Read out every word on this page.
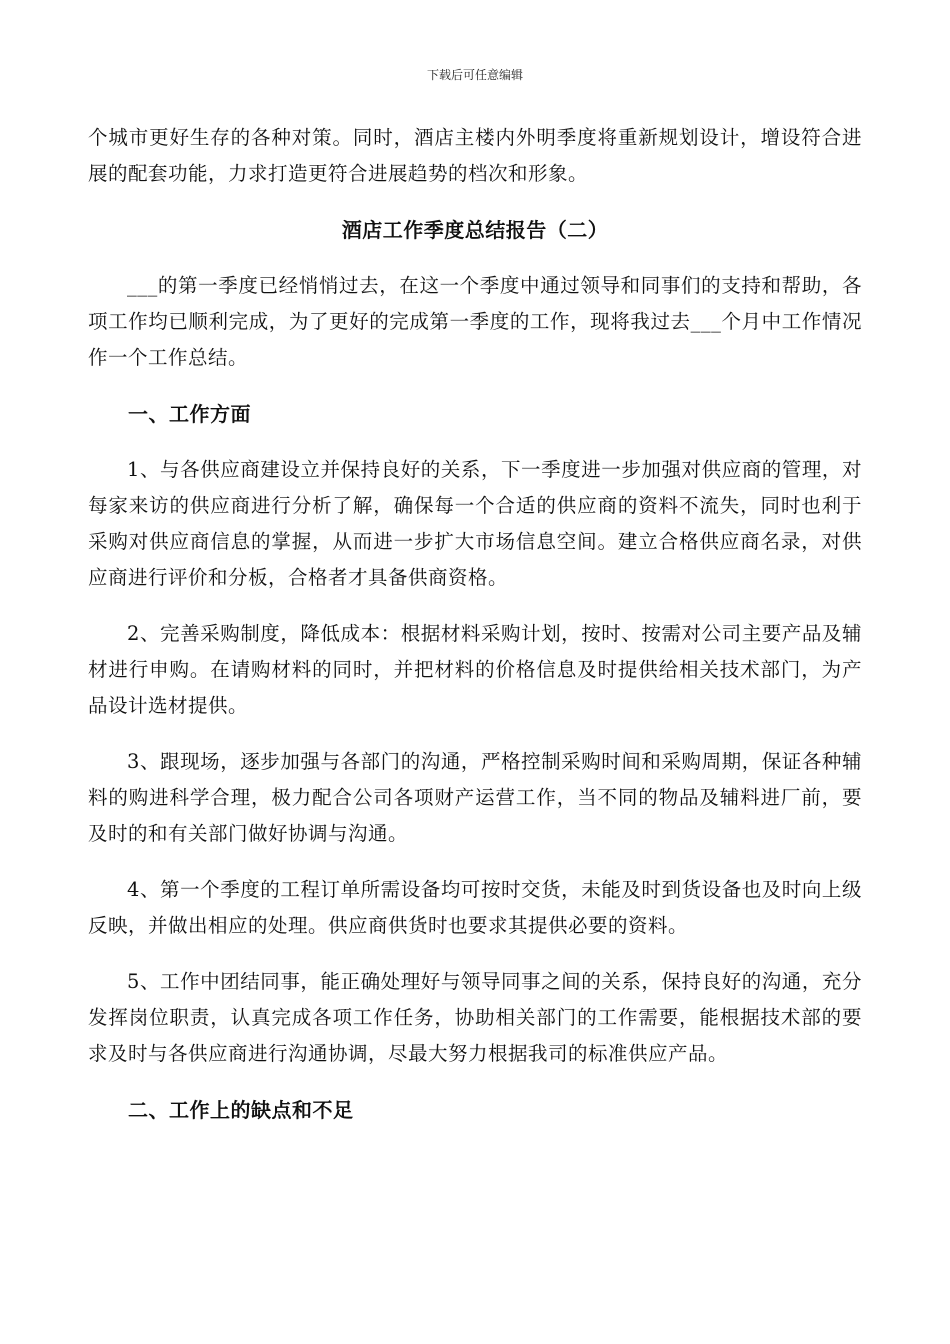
下载后可任意编辑

个城市更好生存的各种对策。同时，酒店主楼内外明季度将重新规划设计，增设符合进展的配套功能，力求打造更符合进展趋势的档次和形象。

酒店工作季度总结报告（二）

___的第一季度已经悄悄过去，在这一个季度中通过领导和同事们的支持和帮助，各项工作均已顺利完成，为了更好的完成第一季度的工作，现将我过去___个月中工作情况作一个工作总结。

一、工作方面

1、与各供应商建设立并保持良好的关系，下一季度进一步加强对供应商的管理，对每家来访的供应商进行分析了解，确保每一个合适的供应商的资料不流失，同时也利于采购对供应商信息的掌握，从而进一步扩大市场信息空间。建立合格供应商名录，对供应商进行评价和分板，合格者才具备供商资格。

2、完善采购制度，降低成本：根据材料采购计划，按时、按需对公司主要产品及辅材进行申购。在请购材料的同时，并把材料的价格信息及时提供给相关技术部门，为产品设计选材提供。

3、跟现场，逐步加强与各部门的沟通，严格控制采购时间和采购周期，保证各种辅料的购进科学合理，极力配合公司各项财产运营工作，当不同的物品及辅料进厂前，要及时的和有关部门做好协调与沟通。

4、第一个季度的工程订单所需设备均可按时交货，未能及时到货设备也及时向上级反映，并做出相应的处理。供应商供货时也要求其提供必要的资料。

5、工作中团结同事，能正确处理好与领导同事之间的关系，保持良好的沟通，充分发挥岗位职责，认真完成各项工作任务，协助相关部门的工作需要，能根据技术部的要求及时与各供应商进行沟通协调，尽最大努力根据我司的标准供应产品。

二、工作上的缺点和不足
